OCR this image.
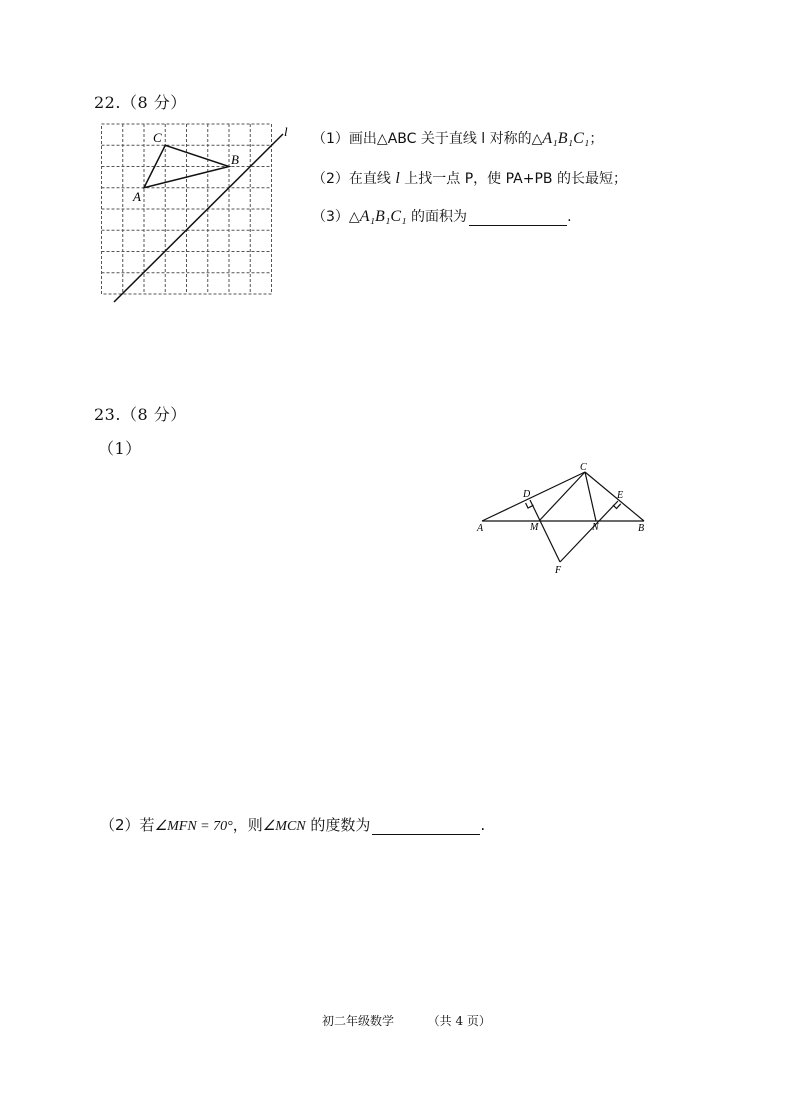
22.（8 分）
C
B
A
l （1）画出△ABC 关于直线 l 对称的△A₁B₁C₁；
（2）在直线 l 上找一点 P，使 PA+PB 的长最短；
（3）△A₁B₁C₁ 的面积为	.
23.（8 分）
（1）
C
D	E
A	M	N	B
F
（2）若∠MFN = 70°，则∠MCN 的度数为	.
初二年级数学	（共 4 页）
